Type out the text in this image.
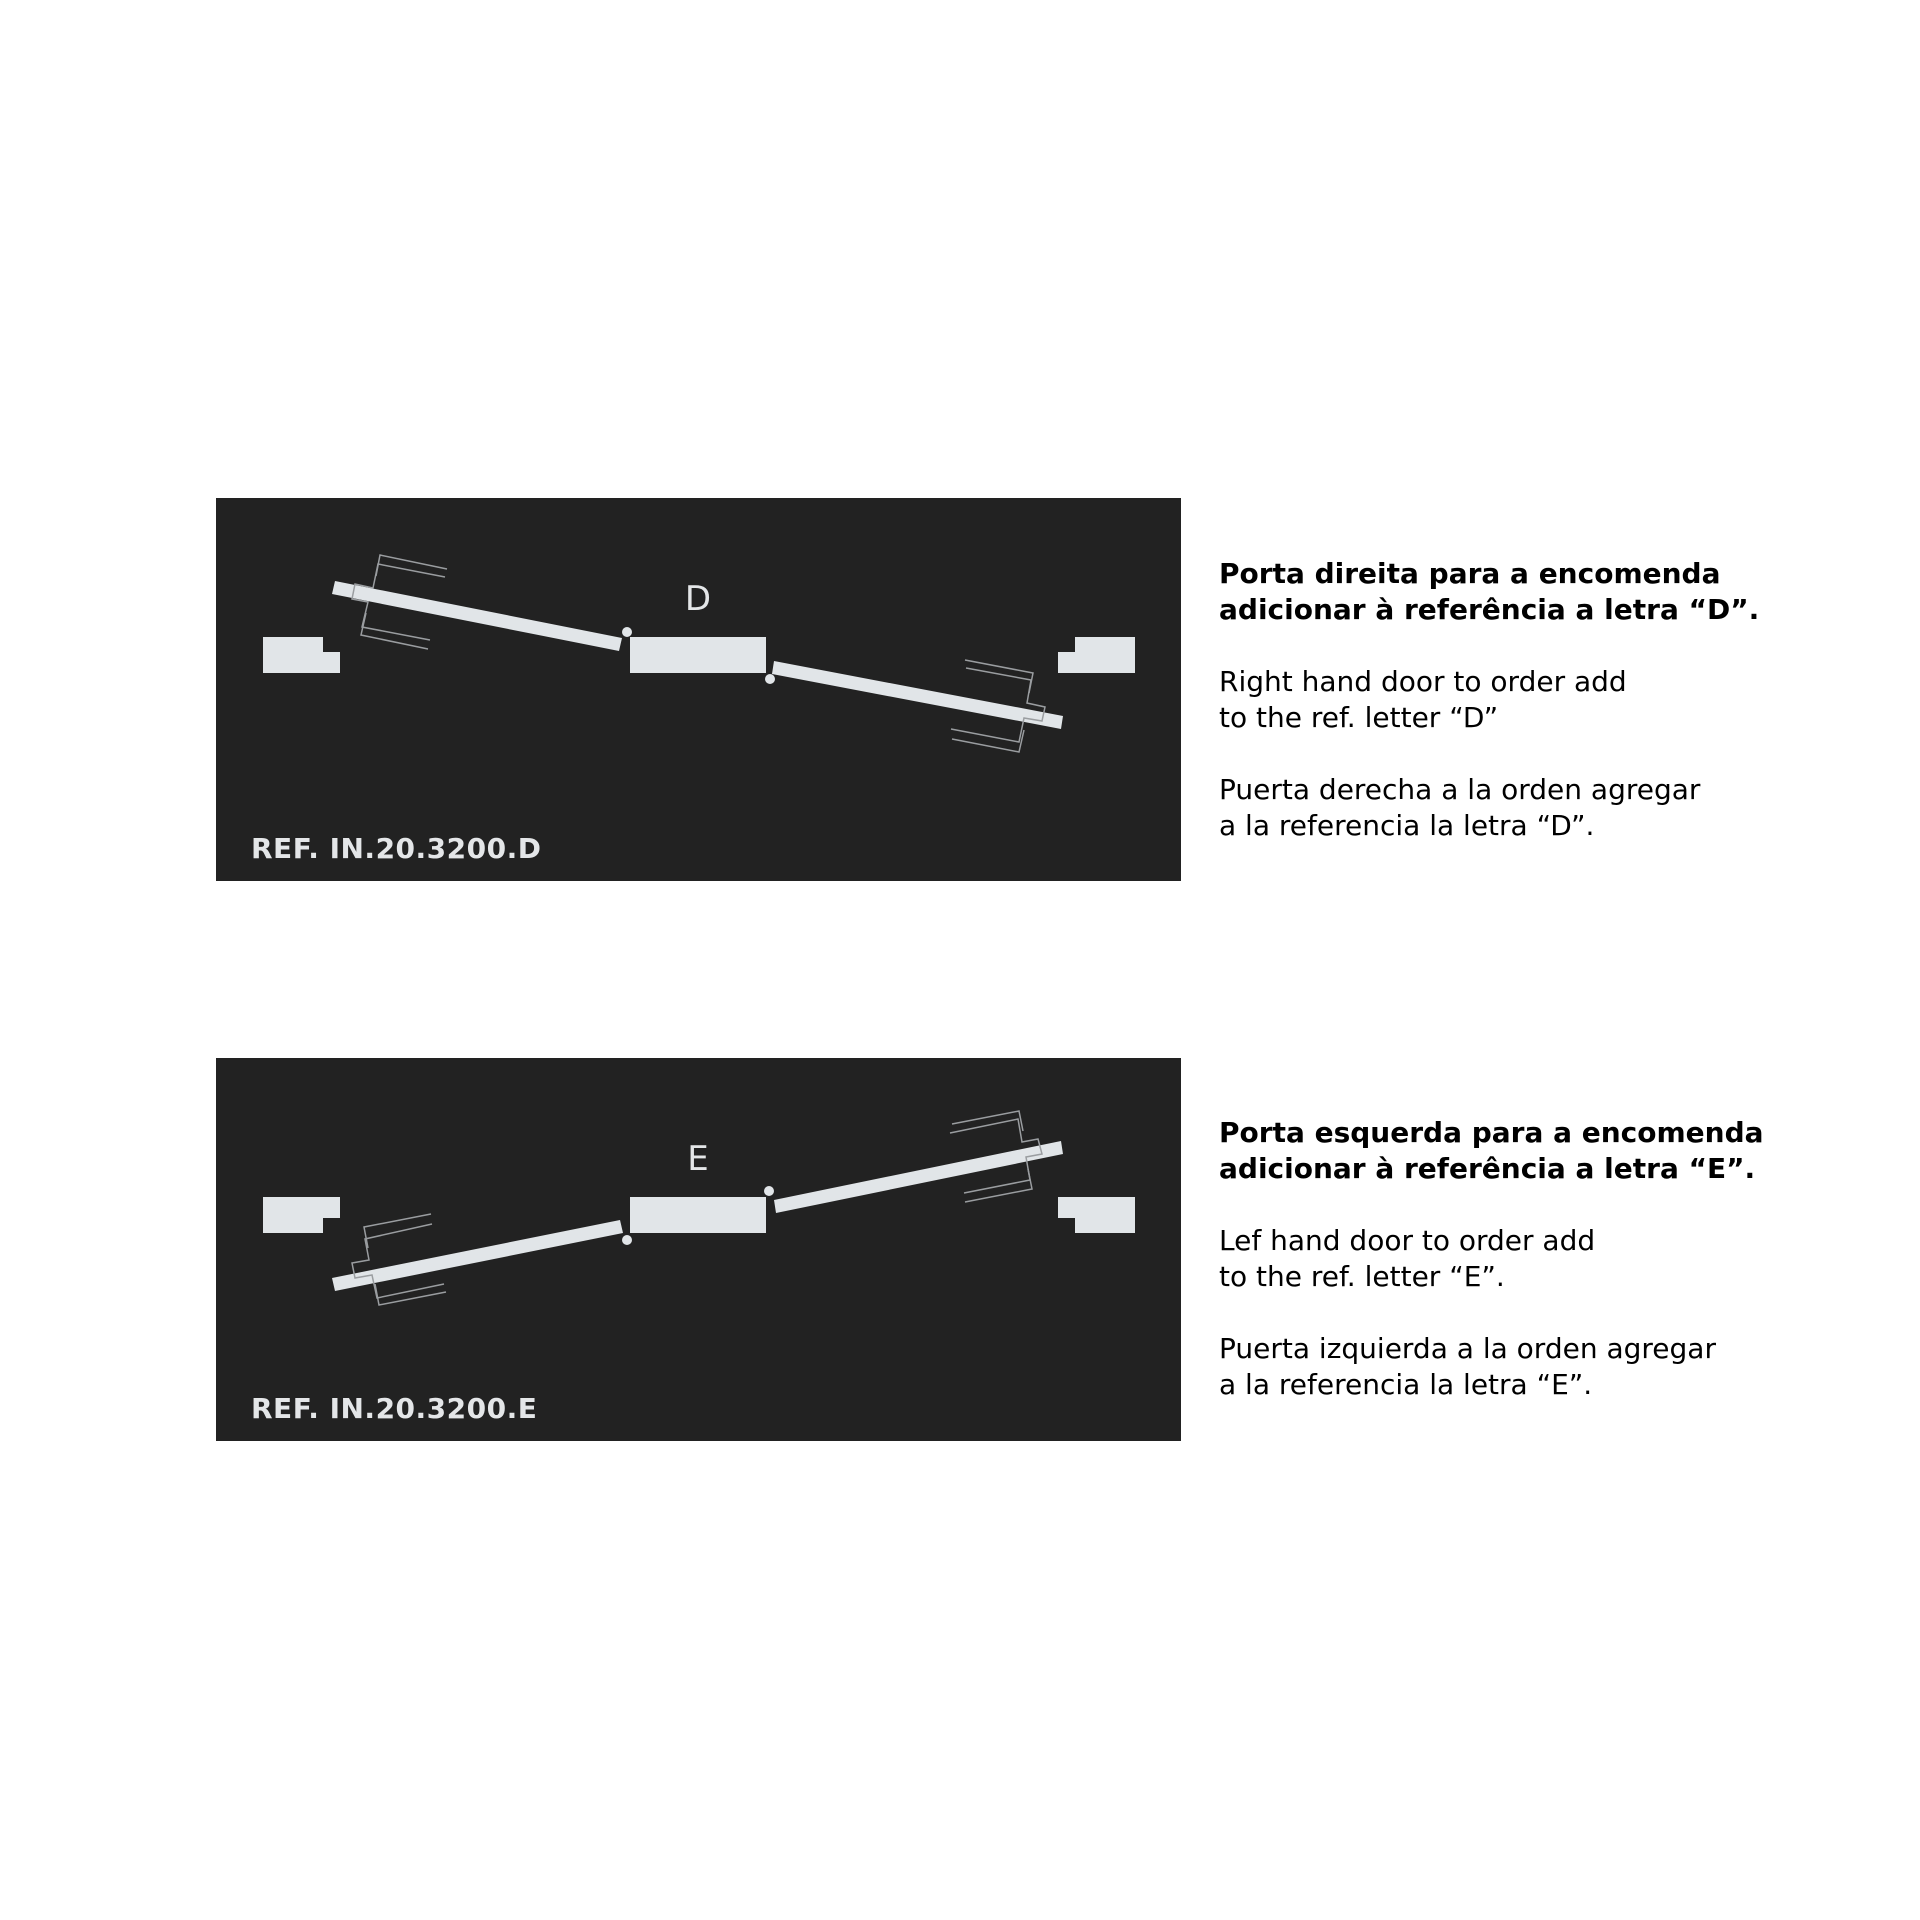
D
REF. IN.20.3200.D

Porta direita para a encomenda
adicionar à referência a letra “D”.

Right hand door to order add
to the ref. letter “D”

Puerta derecha a la orden agregar
a la referencia la letra “D”.

E
REF. IN.20.3200.E

Porta esquerda para a encomenda
adicionar à referência a letra “E”.

Lef hand door to order add
to the ref. letter “E”.

Puerta izquierda a la orden agregar
a la referencia la letra “E”.
